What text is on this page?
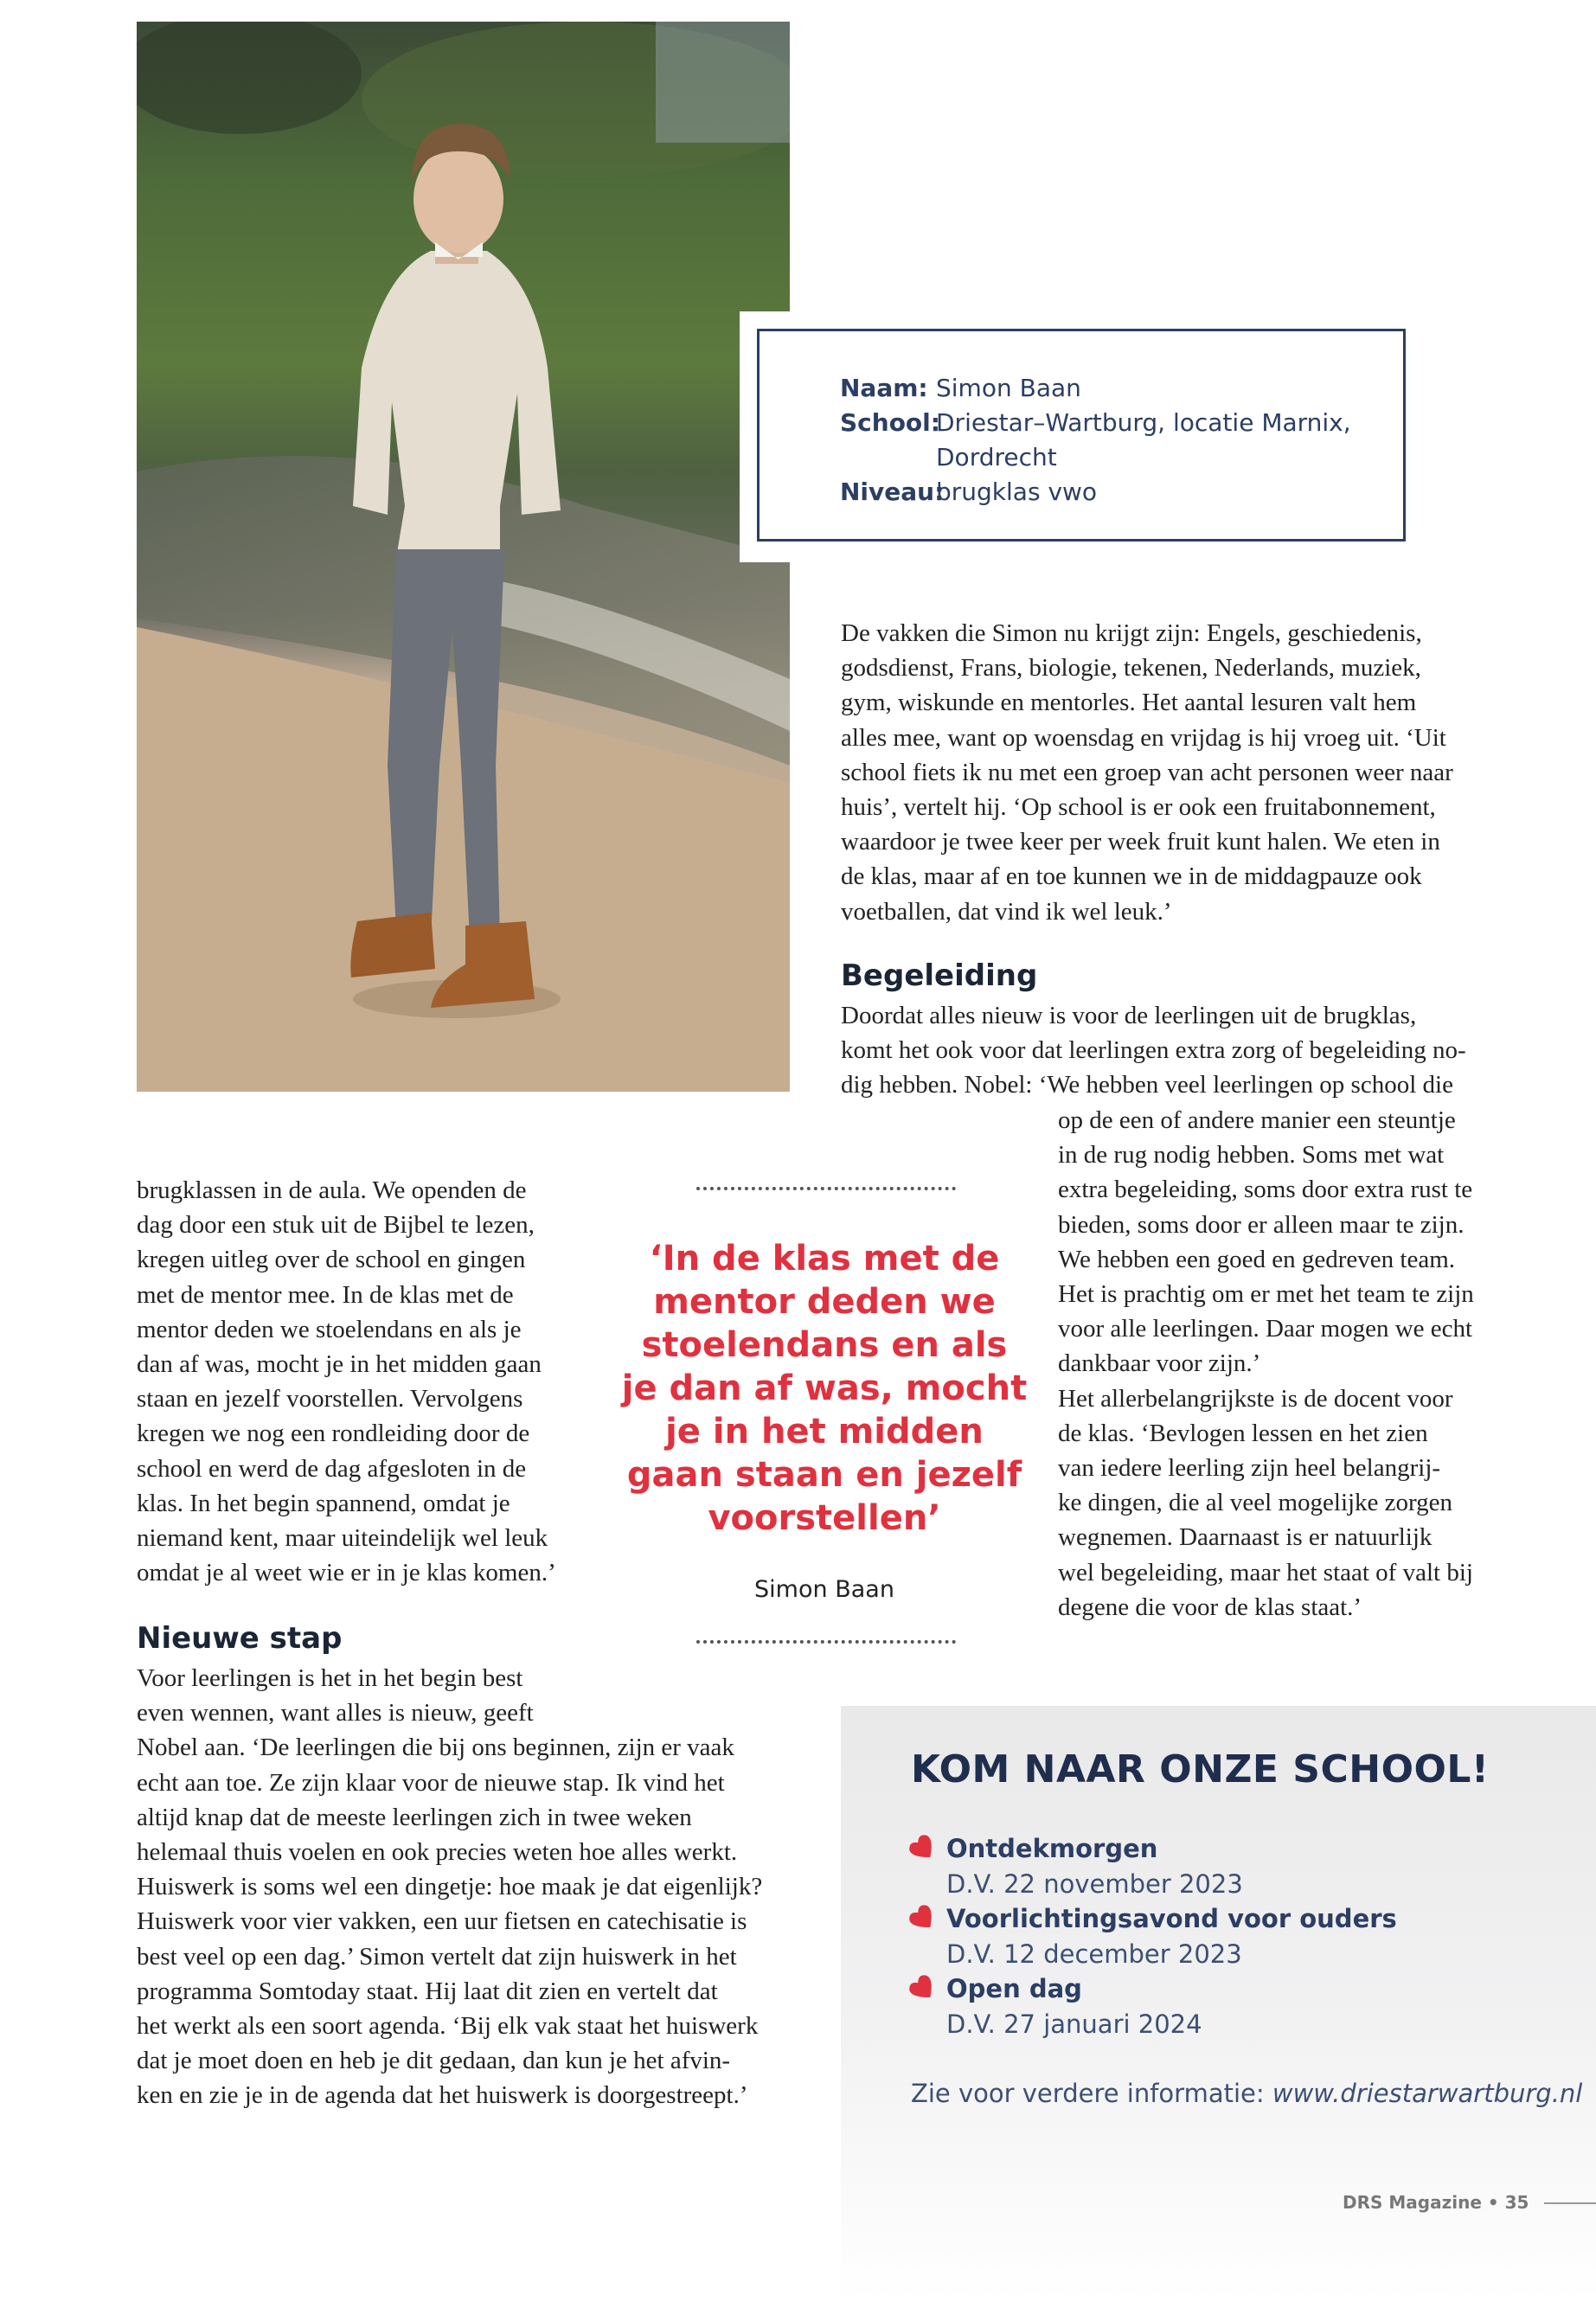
Naam: Simon Baan
School:
Driestar–Wartburg, locatie Marnix,
Dordrecht
Niveau:
brugklas vwo
De vakken die Simon nu krijgt zijn: Engels, geschiedenis,
godsdienst, Frans, biologie, tekenen, Nederlands, muziek,
gym, wiskunde en mentorles. Het aantal lesuren valt hem
alles mee, want op woensdag en vrijdag is hij vroeg uit. ‘Uit
school fiets ik nu met een groep van acht personen weer naar
huis’, vertelt hij. ‘Op school is er ook een fruitabonnement,
waardoor je twee keer per week fruit kunt halen. We eten in
de klas, maar af en toe kunnen we in de middagpauze ook
voetballen, dat vind ik wel leuk.’
Begeleiding
Doordat alles nieuw is voor de leerlingen uit de brugklas,
komt het ook voor dat leerlingen extra zorg of begeleiding no-
dig hebben. Nobel: ‘We hebben veel leerlingen op school die
op de een of andere manier een steuntje
in de rug nodig hebben. Soms met wat
extra begeleiding, soms door extra rust te
bieden, soms door er alleen maar te zijn.
We hebben een goed en gedreven team.
Het is prachtig om er met het team te zijn
voor alle leerlingen. Daar mogen we echt
dankbaar voor zijn.’
Het allerbelangrijkste is de docent voor
de klas. ‘Bevlogen lessen en het zien
van iedere leerling zijn heel belangrij-
ke dingen, die al veel mogelijke zorgen
wegnemen. Daarnaast is er natuurlijk
wel begeleiding, maar het staat of valt bij
degene die voor de klas staat.’
brugklassen in de aula. We openden de
dag door een stuk uit de Bijbel te lezen,
kregen uitleg over de school en gingen
met de mentor mee. In de klas met de
mentor deden we stoelendans en als je
dan af was, mocht je in het midden gaan
staan en jezelf voorstellen. Vervolgens
kregen we nog een rondleiding door de
school en werd de dag afgesloten in de
klas. In het begin spannend, omdat je
niemand kent, maar uiteindelijk wel leuk
omdat je al weet wie er in je klas komen.’
‘In de klas met de
mentor deden we
stoelendans en als
je dan af was, mocht
je in het midden
gaan staan en jezelf
voorstellen’
Simon Baan
Nieuwe stap
Voor leerlingen is het in het begin best
even wennen, want alles is nieuw, geeft
Nobel aan. ‘De leerlingen die bij ons beginnen, zijn er vaak
echt aan toe. Ze zijn klaar voor de nieuwe stap. Ik vind het
altijd knap dat de meeste leerlingen zich in twee weken
helemaal thuis voelen en ook precies weten hoe alles werkt.
Huiswerk is soms wel een dingetje: hoe maak je dat eigenlijk?
Huiswerk voor vier vakken, een uur fietsen en catechisatie is
best veel op een dag.’ Simon vertelt dat zijn huiswerk in het
programma Somtoday staat. Hij laat dit zien en vertelt dat
het werkt als een soort agenda. ‘Bij elk vak staat het huiswerk
dat je moet doen en heb je dit gedaan, dan kun je het afvin-
ken en zie je in de agenda dat het huiswerk is doorgestreept.’
KOM NAAR ONZE SCHOOL!
Ontdekmorgen
D.V. 22 november 2023
Voorlichtingsavond voor ouders
D.V. 12 december 2023
Open dag
D.V. 27 januari 2024
Zie voor verdere informatie: www.driestarwartburg.nl
DRS Magazine • 35
